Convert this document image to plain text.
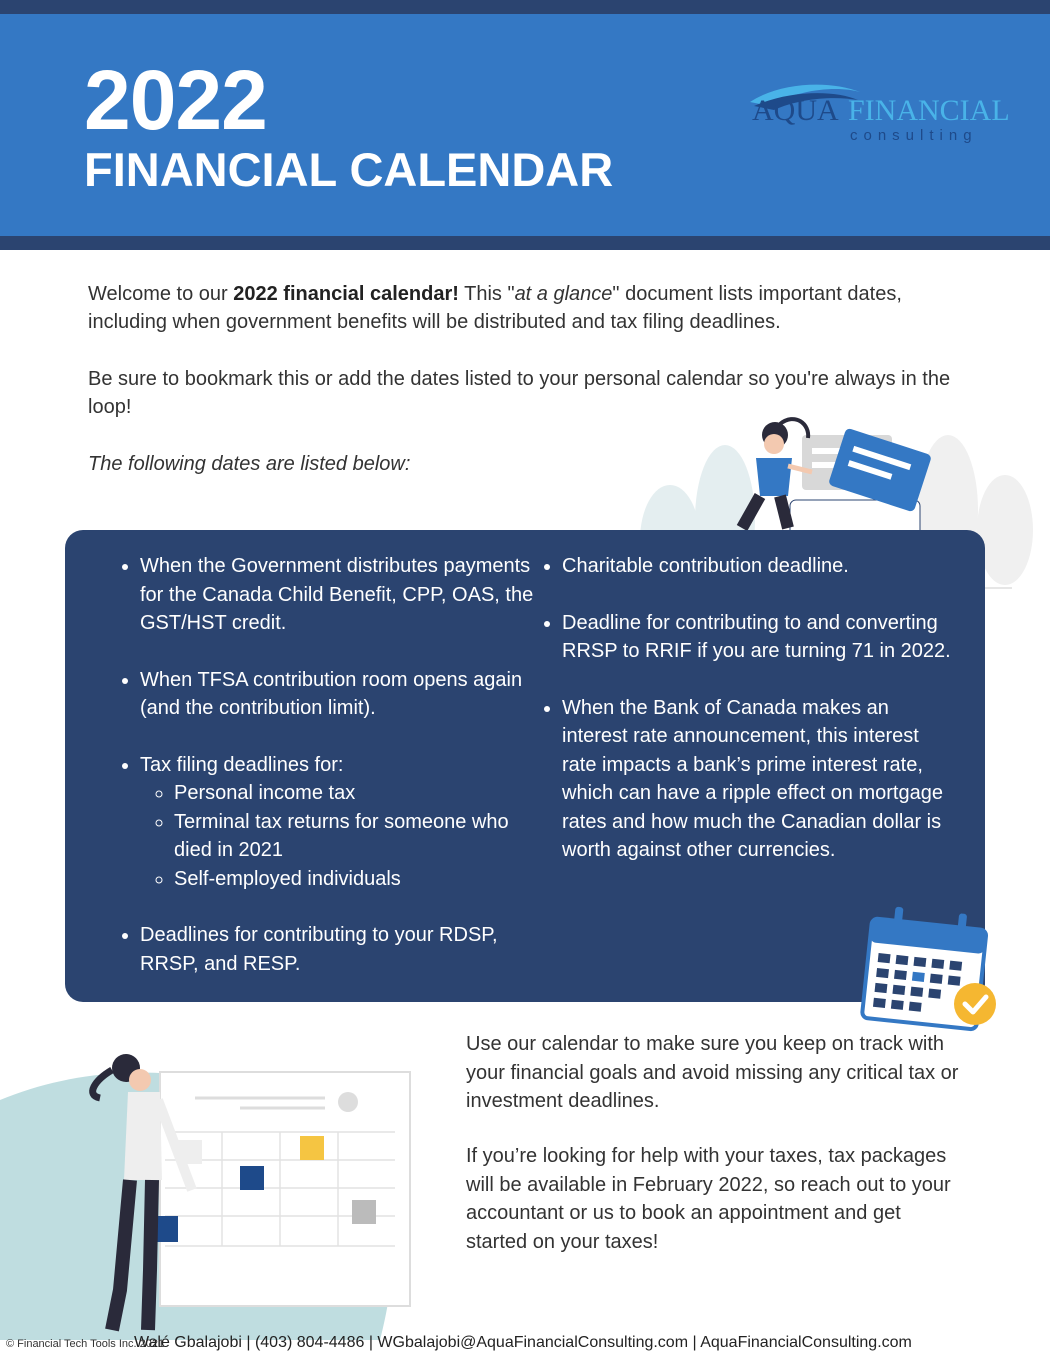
2022
FINANCIAL CALENDAR
AQUA FINANCIAL
consulting

Welcome to our 2022 financial calendar! This "at a glance" document lists important dates, including when government benefits will be distributed and tax filing deadlines.

Be sure to bookmark this or add the dates listed to your personal calendar so you're always in the loop!

The following dates are listed below:

• When the Government distributes payments for the Canada Child Benefit, CPP, OAS, the GST/HST credit.
• When TFSA contribution room opens again (and the contribution limit).
• Tax filing deadlines for:
◦ Personal income tax
◦ Terminal tax returns for someone who died in 2021
◦ Self-employed individuals
• Deadlines for contributing to your RDSP, RRSP, and RESP.
• Charitable contribution deadline.
• Deadline for contributing to and converting RRSP to RRIF if you are turning 71 in 2022.
• When the Bank of Canada makes an interest rate announcement, this interest rate impacts a bank’s prime interest rate, which can have a ripple effect on mortgage rates and how much the Canadian dollar is worth against other currencies.

Use our calendar to make sure you keep on track with your financial goals and avoid missing any critical tax or investment deadlines.

If you’re looking for help with your taxes, tax packages will be available in February 2022, so reach out to your accountant or us to book an appointment and get started on your taxes!

© Financial Tech Tools Inc. 2021
Walé Gbalajobi | (403) 804-4486 | WGbalajobi@AquaFinancialConsulting.com | AquaFinancialConsulting.com
